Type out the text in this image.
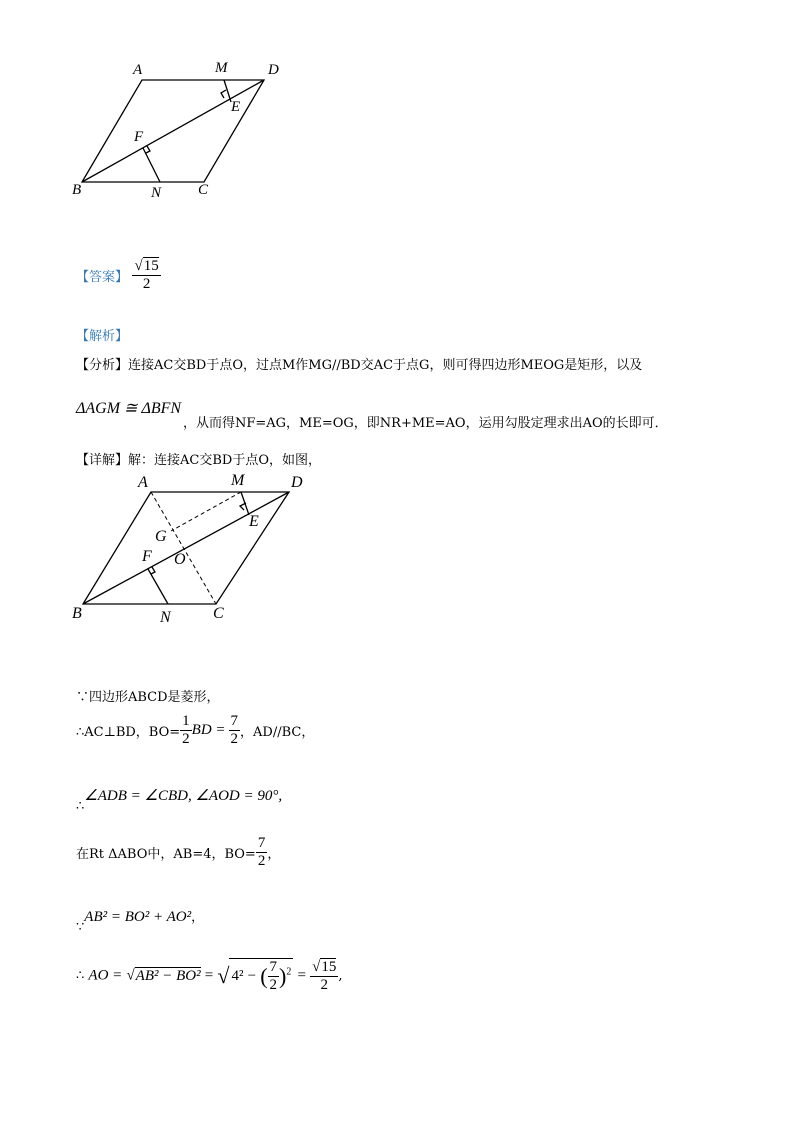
A	M	D
E
F
B	N C
【答案】 $\frac{√15}{2}$
【解析】
【分析】连接AC交BD于点O，过点M作MG//BD交AC于点G，则可得四边形MEOG是矩形，以及
ΔAGM ≅ ΔBFN
，从而得NF=AG，ME=OG，即NR+ME=AO，运用勾股定理求出AO的长即可．
【详解】解：连接AC交BD于点O，如图，
A	M	D
E
G
O
F
B	N	C
∵四边形ABCD是菱形，
∴AC⊥BD，$BO= \frac{1}{2}$ BD = $\frac{7}{2}$ ，AD//BC，
∴∠ADB = ∠CBD, ∠AOD = 90°,
在Rt ΔABO中，AB=4，$BO= \frac{7}{2}$ ，
∵AB² = BO² + AO²，
∴ AO = √AB² − BO² = √ 4² − ( $\frac{7}{2} )^2 = \frac{√15}{2}$ ,
